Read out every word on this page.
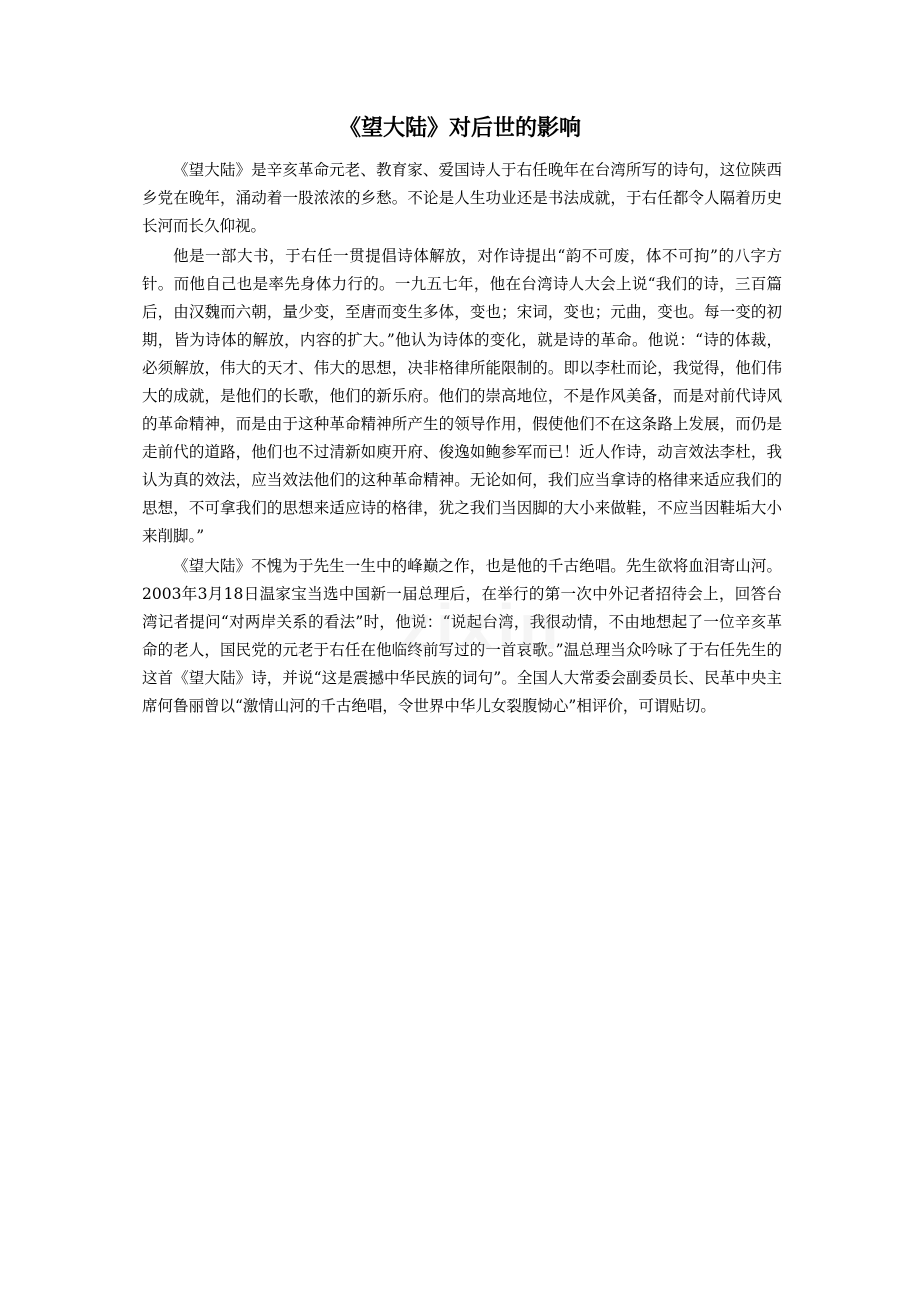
《望大陆》对后世的影响

《望大陆》是辛亥革命元老、教育家、爱国诗人于右任晚年在台湾所写的诗句，这位陕西乡党在晚年，涌动着一股浓浓的乡愁。不论是人生功业还是书法成就，于右任都令人隔着历史长河而长久仰视。

他是一部大书，于右任一贯提倡诗体解放，对作诗提出“韵不可废，体不可拘”的八字方针。而他自己也是率先身体力行的。一九五七年，他在台湾诗人大会上说“我们的诗，三百篇后，由汉魏而六朝，量少变，至唐而变生多体，变也；宋词，变也；元曲，变也。每一变的初期，皆为诗体的解放，内容的扩大。”他认为诗体的变化，就是诗的革命。他说：“诗的体裁，必须解放，伟大的天才、伟大的思想，决非格律所能限制的。即以李杜而论，我觉得，他们伟大的成就，是他们的长歌，他们的新乐府。他们的崇高地位，不是作风美备，而是对前代诗风的革命精神，而是由于这种革命精神所产生的领导作用，假使他们不在这条路上发展，而仍是走前代的道路，他们也不过清新如庾开府、俊逸如鲍参军而已！近人作诗，动言效法李杜，我认为真的效法，应当效法他们的这种革命精神。无论如何，我们应当拿诗的格律来适应我们的思想，不可拿我们的思想来适应诗的格律，犹之我们当因脚的大小来做鞋，不应当因鞋垢大小来削脚。”

《望大陆》不愧为于先生一生中的峰巅之作，也是他的千古绝唱。先生欲将血泪寄山河。2003年3月18日温家宝当选中国新一届总理后，在举行的第一次中外记者招待会上，回答台湾记者提问“对两岸关系的看法”时，他说：“说起台湾，我很动情，不由地想起了一位辛亥革命的老人，国民党的元老于右任在他临终前写过的一首哀歌。”温总理当众吟咏了于右任先生的这首《望大陆》诗，并说“这是震撼中华民族的词句”。全国人大常委会副委员长、民革中央主席何鲁丽曾以“激情山河的千古绝唱，令世界中华儿女裂腹恸心”相评价，可谓贴切。

zixin
